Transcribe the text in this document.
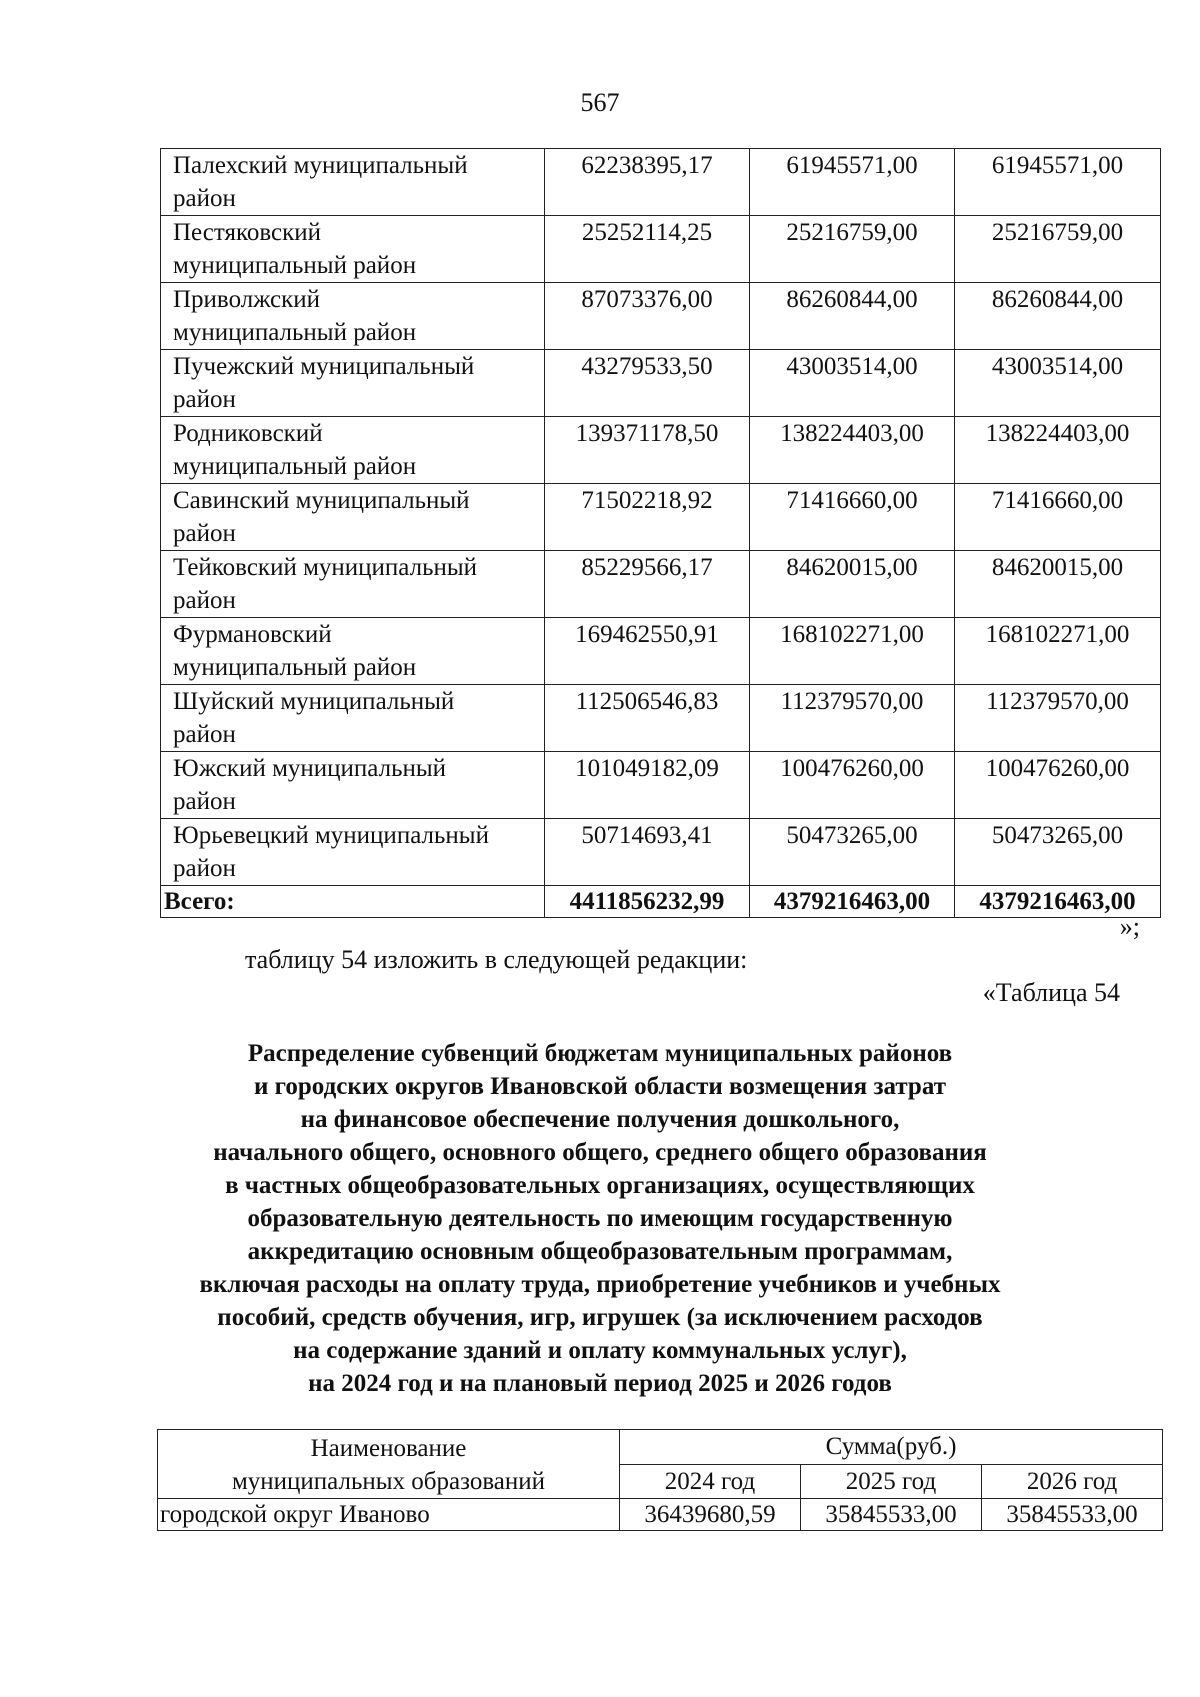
567
Палехский муниципальный
район	62238395,17	61945571,00	61945571,00

Пестяковский
муниципальный район	25252114,25	25216759,00	25216759,00

Приволжский
муниципальный район	87073376,00	86260844,00	86260844,00

Пучежский муниципальный
район	43279533,50	43003514,00	43003514,00

Родниковский
муниципальный район	139371178,50	138224403,00	138224403,00

Савинский муниципальный
район	71502218,92	71416660,00	71416660,00

Тейковский муниципальный
район	85229566,17	84620015,00	84620015,00

Фурмановский
муниципальный район	169462550,91	168102271,00	168102271,00

Шуйский муниципальный
район	112506546,83	112379570,00	112379570,00

Южский муниципальный
район	101049182,09	100476260,00	100476260,00

Юрьевецкий муниципальный
район	50714693,41	50473265,00	50473265,00
Всего:	4411856232,99	4379216463,00	4379216463,00
»;
таблицу 54 изложить в следующей редакции:
«Таблица 54
Распределение субвенций бюджетам муниципальных районов
и городских округов Ивановской области возмещения затрат
на финансовое обеспечение получения дошкольного,
начального общего, основного общего, среднего общего образования
в частных общеобразовательных организациях, осуществляющих
образовательную деятельность по имеющим государственную
аккредитацию основным общеобразовательным программам,
включая расходы на оплату труда, приобретение учебников и учебных
пособий, средств обучения, игр, игрушек (за исключением расходов
на содержание зданий и оплату коммунальных услуг),
на 2024 год и на плановый период 2025 и 2026 годов
Наименование
муниципальных образований	Сумма(руб.)		
	2024 год	2025 год	2026 год
городской округ Иваново	36439680,59	35845533,00	35845533,00
